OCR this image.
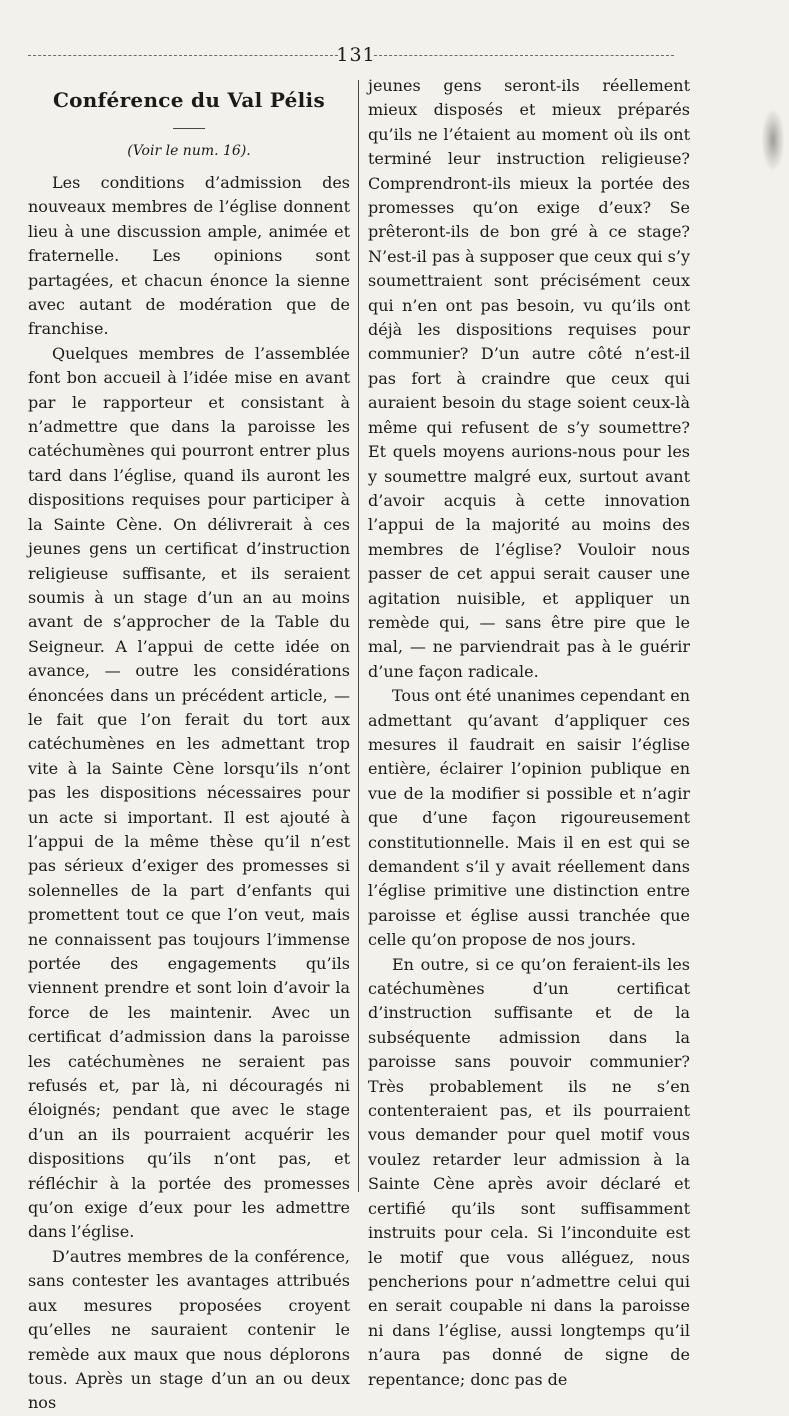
131
Conférence du Val Pélis
(Voir le num. 16).

Les conditions d’admission des nouveaux membres de l’église donnent lieu à une discussion ample, animée et fraternelle. Les opinions sont partagées, et chacun énonce la sienne avec autant de modération que de franchise.

Quelques membres de l’assemblée font bon accueil à l’idée mise en avant par le rapporteur et consistant à n’admettre que dans la paroisse les catéchumènes qui pourront entrer plus tard dans l’église, quand ils auront les dispositions requises pour participer à la Sainte Cène. On délivrerait à ces jeunes gens un certificat d’instruction religieuse suffisante, et ils seraient soumis à un stage d’un an au moins avant de s’approcher de la Table du Seigneur. A l’appui de cette idée on avance, — outre les considérations énoncées dans un précédent article, — le fait que l’on ferait du tort aux catéchumènes en les admettant trop vite à la Sainte Cène lorsqu’ils n’ont pas les dispositions nécessaires pour un acte si important. Il est ajouté à l’appui de la même thèse qu’il n’est pas sérieux d’exiger des promesses si solennelles de la part d’enfants qui promettent tout ce que l’on veut, mais ne connaissent pas toujours l’immense portée des engagements qu’ils viennent prendre et sont loin d’avoir la force de les maintenir. Avec un certificat d’admission dans la paroisse les catéchumènes ne seraient pas refusés et, par là, ni découragés ni éloignés; pendant que avec le stage d’un an ils pourraient acquérir les dispositions qu’ils n’ont pas, et réfléchir à la portée des promesses qu’on exige d’eux pour les admettre dans l’église.

D’autres membres de la conférence, sans contester les avantages attribués aux mesures proposées croyent qu’elles ne sauraient contenir le remède aux maux que nous déplorons tous. Après un stage d’un an ou deux nos

jeunes gens seront-ils réellement mieux disposés et mieux préparés qu’ils ne l’étaient au moment où ils ont terminé leur instruction religieuse? Comprendront-ils mieux la portée des promesses qu’on exige d’eux? Se prêteront-ils de bon gré à ce stage? N’est-il pas à supposer que ceux qui s’y soumettraient sont précisément ceux qui n’en ont pas besoin, vu qu’ils ont déjà les dispositions requises pour communier? D’un autre côté n’est-il pas fort à craindre que ceux qui auraient besoin du stage soient ceux-là même qui refusent de s’y soumettre? Et quels moyens aurions-nous pour les y soumettre malgré eux, surtout avant d’avoir acquis à cette innovation l’appui de la majorité au moins des membres de l’église? Vouloir nous passer de cet appui serait causer une agitation nuisible, et appliquer un remède qui, — sans être pire que le mal, — ne parviendrait pas à le guérir d’une façon radicale.

Tous ont été unanimes cependant en admettant qu’avant d’appliquer ces mesures il faudrait en saisir l’église entière, éclairer l’opinion publique en vue de la modifier si possible et n’agir que d’une façon rigoureusement constitutionnelle. Mais il en est qui se demandent s’il y avait réellement dans l’église primitive une distinction entre paroisse et église aussi tranchée que celle qu’on propose de nos jours.

En outre, si ce qu’on feraient-ils les catéchumènes d’un certificat d’instruction suffisante et de la subséquente admission dans la paroisse sans pouvoir communier? Très probablement ils ne s’en contenteraient pas, et ils pourraient vous demander pour quel motif vous voulez retarder leur admission à la Sainte Cène après avoir déclaré et certifié qu’ils sont suffisamment instruits pour cela. Si l’inconduite est le motif que vous alléguez, nous pencherions pour n’admettre celui qui en serait coupable ni dans la paroisse ni dans l’église, aussi longtemps qu’il n’aura pas donné de signe de repentance; donc pas de
